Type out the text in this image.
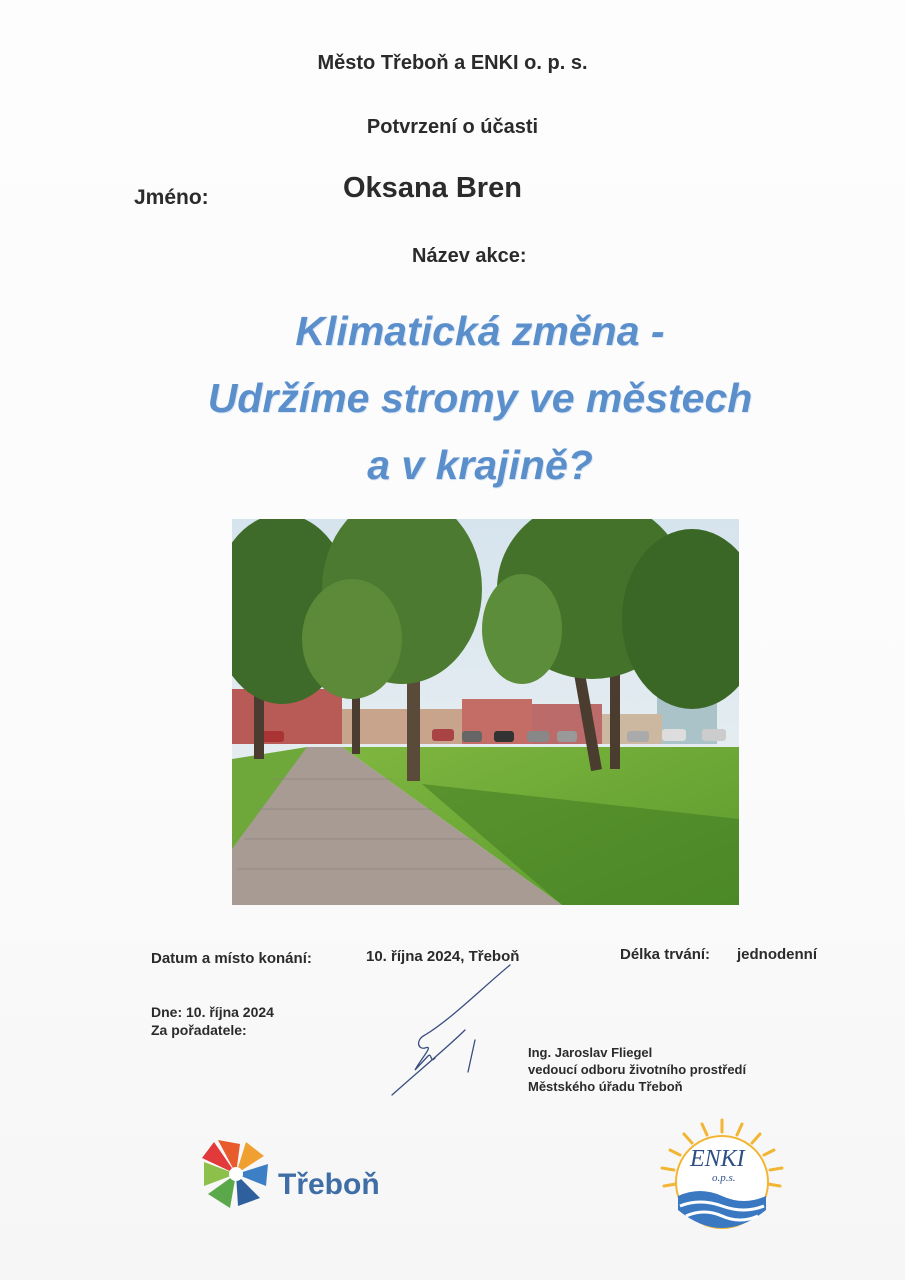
Město Třeboň a ENKI o. p. s.
Potvrzení o účasti
Jméno:	Oksana Bren
Název akce:
Klimatická změna -
Udržíme stromy ve městech
a v krajině?
Datum a místo konání:	10. října 2024, Třeboň	Délka trvání: jednodenní
Dne: 10. října 2024
Za pořadatele:
Ing. Jaroslav Fliegel
vedoucí odboru životního prostředí
Městského úřadu Třeboň
Třeboň
ENKI
o.p.s.
